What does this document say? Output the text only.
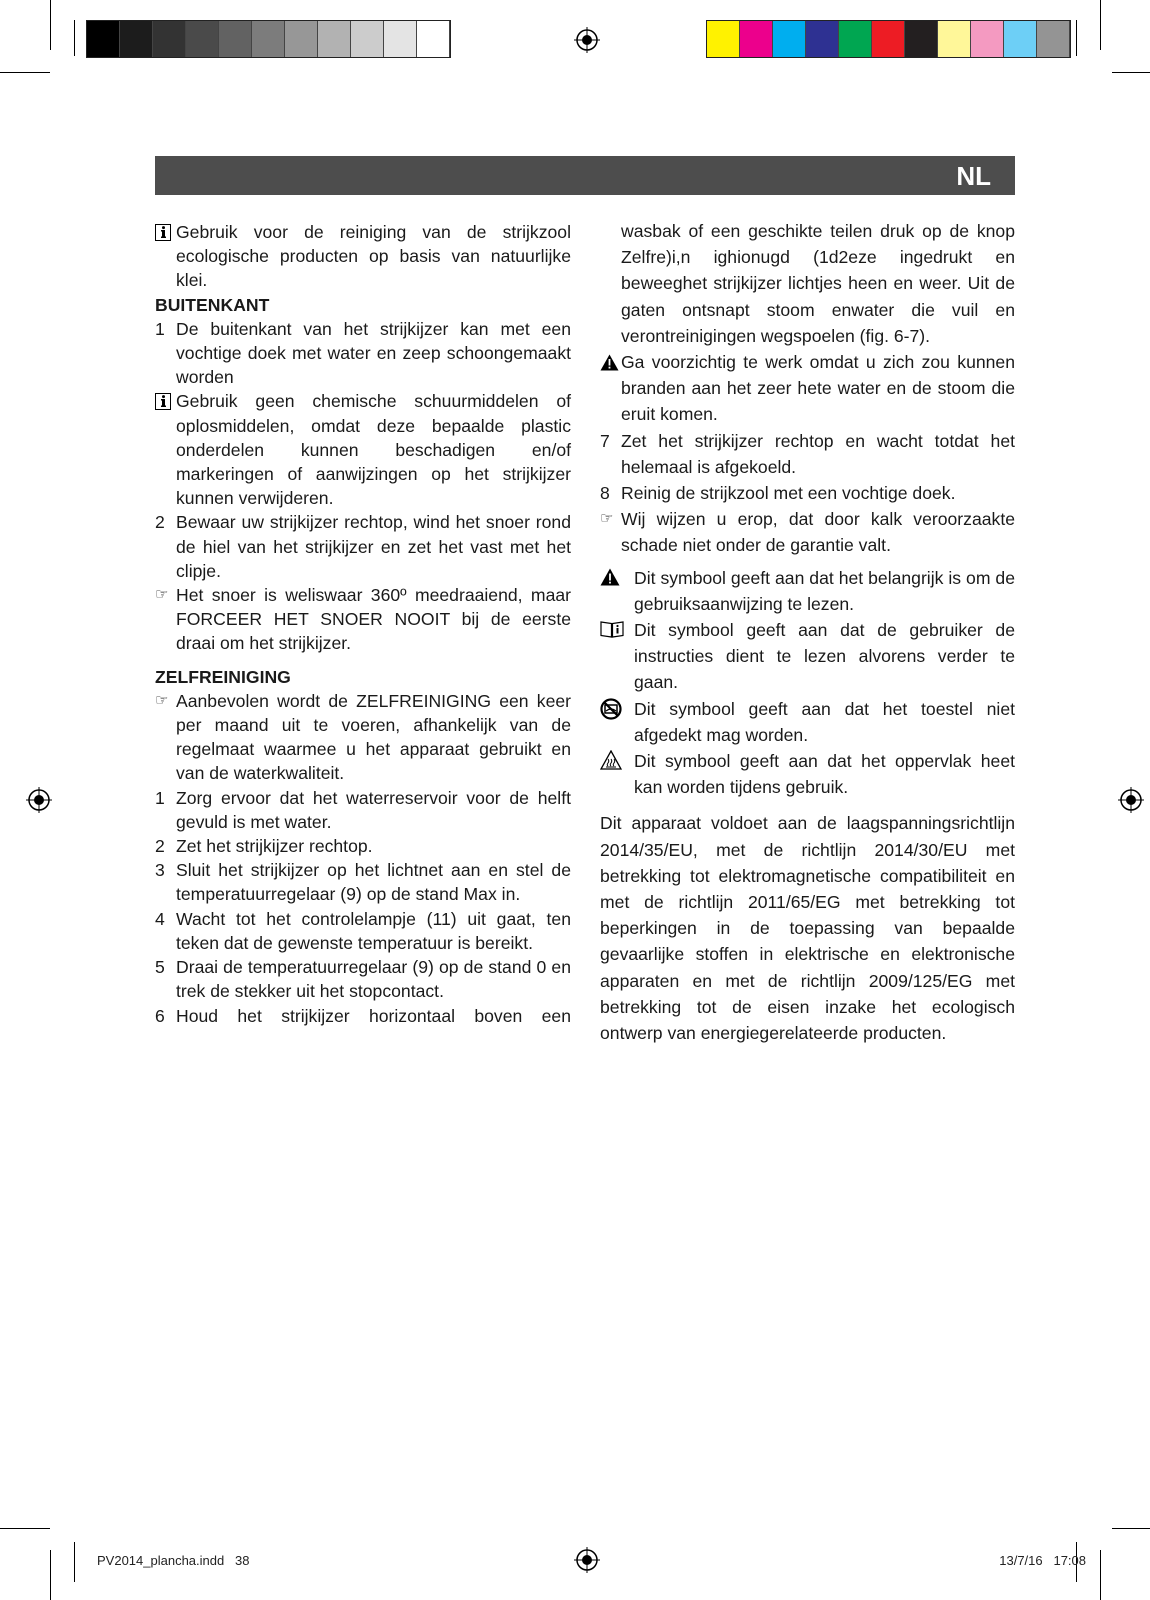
NL
Gebruik voor de reiniging van de strijkzool ecologische producten op basis van natuurlijke klei.
BUITENKANT
1 De buitenkant van het strijkijzer kan met een vochtige doek met water en zeep schoongemaakt worden
Gebruik geen chemische schuurmiddelen of oplosmiddelen, omdat deze bepaalde plastic onderdelen kunnen beschadigen en/of markeringen of aanwijzingen op het strijkijzer kunnen verwijderen.
2 Bewaar uw strijkijzer rechtop, wind het snoer rond de hiel van het strijkijzer en zet het vast met het clipje.
☞ Het snoer is weliswaar 360º meedraaiend, maar FORCEER HET SNOER NOOIT bij de eerste draai om het strijkijzer.
ZELFREINIGING
☞ Aanbevolen wordt de ZELFREINIGING een keer per maand uit te voeren, afhankelijk van de regelmaat waarmee u het apparaat gebruikt en van de waterkwaliteit.
1 Zorg ervoor dat het waterreservoir voor de helft gevuld is met water.
2 Zet het strijkijzer rechtop.
3 Sluit het strijkijzer op het lichtnet aan en stel de temperatuurregelaar (9) op de stand Max in.
4 Wacht tot het controlelampje (11) uit gaat, ten teken dat de gewenste temperatuur is bereikt.
5 Draai de temperatuurregelaar (9) op de stand 0 en trek de stekker uit het stopcontact.
6 Houd het strijkijzer horizontaal boven een
wasbak of een geschikte teilen druk op de knop Zelfre)i,n ighionugd (1d2eze ingedrukt en beweeghet strijkijzer lichtjes heen en weer. Uit de gaten ontsnapt stoom enwater die vuil en verontreinigingen wegspoelen (fig. 6-7).
Ga voorzichtig te werk omdat u zich zou kunnen branden aan het zeer hete water en de stoom die eruit komen.
7 Zet het strijkijzer rechtop en wacht totdat het helemaal is afgekoeld.
8 Reinig de strijkzool met een vochtige doek.
☞ Wij wijzen u erop, dat door kalk veroorzaakte schade niet onder de garantie valt.
Dit symbool geeft aan dat het belangrijk is om de gebruiksaanwijzing te lezen.
Dit symbool geeft aan dat de gebruiker de instructies dient te lezen alvorens verder te gaan.
Dit symbool geeft aan dat het toestel niet afgedekt mag worden.
Dit symbool geeft aan dat het oppervlak heet kan worden tijdens gebruik.

Dit apparaat voldoet aan de laagspanningsrichtlijn 2014/35/EU, met de richtlijn 2014/30/EU met betrekking tot elektromagnetische compatibiliteit en met de richtlijn 2011/65/EG met betrekking tot beperkingen in de toepassing van bepaalde gevaarlijke stoffen in elektrische en elektronische apparaten en met de richtlijn 2009/125/EG met betrekking tot de eisen inzake het ecologisch ontwerp van energiegerelateerde producten.

PV2014_plancha.indd   38	13/7/16   17:08
